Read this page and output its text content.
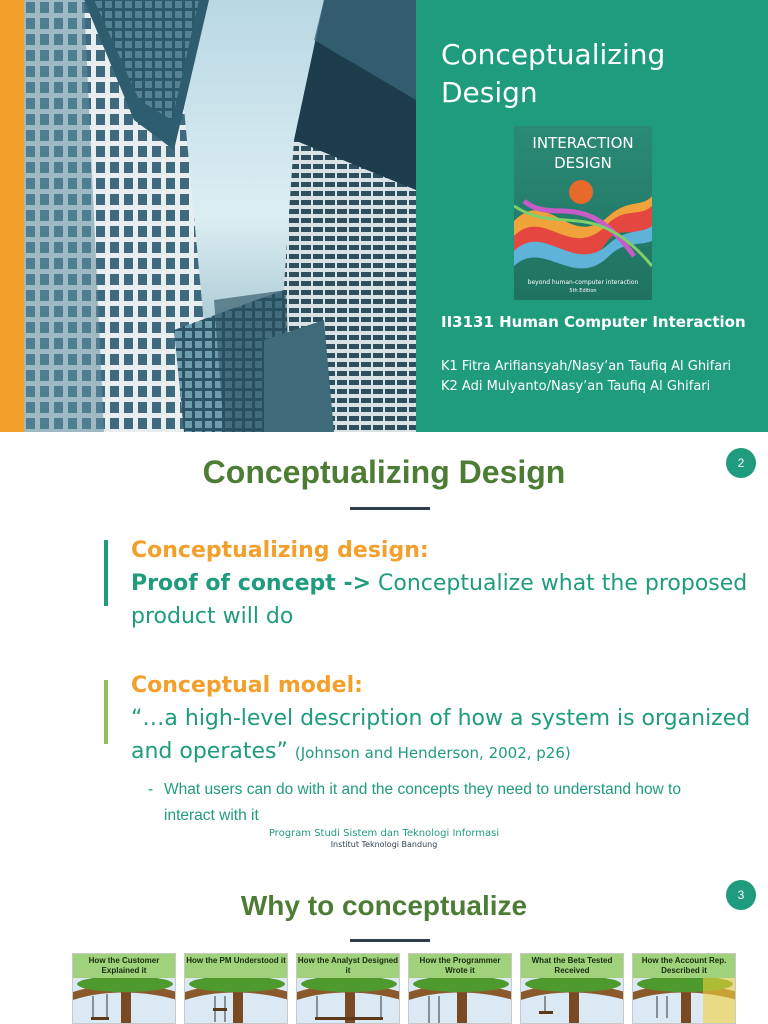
Conceptualizing
Design
INTERACTION
DESIGN
beyond human-computer interaction
5th Edition
II3131 Human Computer Interaction
K1 Fitra Arifiansyah/Nasy’an Taufiq Al Ghifari
K2 Adi Mulyanto/Nasy’an Taufiq Al Ghifari
Conceptualizing Design	2
Conceptualizing design:
Proof of concept -> Conceptualize what the proposed product will do
Conceptual model:
“…a high-level description of how a system is organized and operates” (Johnson and Henderson, 2002, p26)
- What users can do with it and the concepts they need to understand how to interact with it
Program Studi Sistem dan Teknologi Informasi
Institut Teknologi Bandung
Why to conceptualize	3
How the Customer Explained it
How the PM Understood it How the Analyst Designed it
How the Programmer Wrote it
What the Beta Tested Received
How the Account Rep. Described it
